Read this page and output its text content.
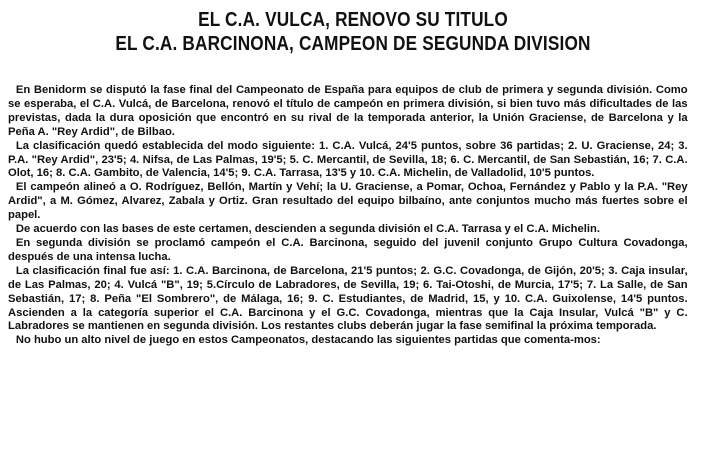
EL C.A. VULCA, RENOVO SU TITULO
EL C.A. BARCINONA, CAMPEON DE SEGUNDA DIVISION

En Benidorm se disputó la fase final del Campeonato de España para equipos de club de primera y segunda división. Como se esperaba, el C.A. Vulcá, de Barcelona, renovó el título de campeón en primera división, si bien tuvo más dificultades de las previstas, dada la dura oposición que encontró en su rival de la temporada anterior, la Unión Graciense, de Barcelona y la Peña A. "Rey Ardid", de Bilbao.

La clasificación quedó establecida del modo siguiente: 1. C.A. Vulcá, 24'5 puntos, sobre 36 partidas; 2. U. Graciense, 24; 3. P.A. "Rey Ardid", 23'5; 4. Nifsa, de Las Palmas, 19'5; 5. C. Mercantil, de Sevilla, 18; 6. C. Mercantil, de San Sebastián, 16; 7. C.A. Olot, 16; 8. C.A. Gambito, de Valencia, 14'5; 9. C.A. Tarrasa, 13'5 y 10. C.A. Michelin, de Valladolid, 10'5 puntos.

El campeón alineó a O. Rodríguez, Bellón, Martín y Vehí; la U. Graciense, a Pomar, Ochoa, Fernández y Pablo y la P.A. "Rey Ardid", a M. Gómez, Alvarez, Zabala y Ortiz. Gran resultado del equipo bilbaíno, ante conjuntos mucho más fuertes sobre el papel.

De acuerdo con las bases de este certamen, descienden a segunda división el C.A. Tarrasa y el C.A. Michelin.

En segunda división se proclamó campeón el C.A. Barcinona, seguido del juvenil conjunto Grupo Cultura Covadonga, después de una intensa lucha.

La clasificación final fue así: 1. C.A. Barcinona, de Barcelona, 21'5 puntos; 2. G.C. Covadonga, de Gijón, 20'5; 3. Caja insular, de Las Palmas, 20; 4. Vulcá "B", 19; 5.Círculo de Labradores, de Sevilla, 19; 6. Tai-Otoshi, de Murcia, 17'5; 7. La Salle, de San Sebastián, 17; 8. Peña "El Sombrero", de Málaga, 16; 9. C. Estudiantes, de Madrid, 15, y 10. C.A. Guixolense, 14'5 puntos. Ascienden a la categoría superior el C.A. Barcinona y el G.C. Covadonga, mientras que la Caja Insular, Vulcá "B" y C. Labradores se mantienen en segunda división. Los restantes clubs deberán jugar la fase semifinal la próxima temporada.

No hubo un alto nivel de juego en estos Campeonatos, destacando las siguientes partidas que comenta-mos:
